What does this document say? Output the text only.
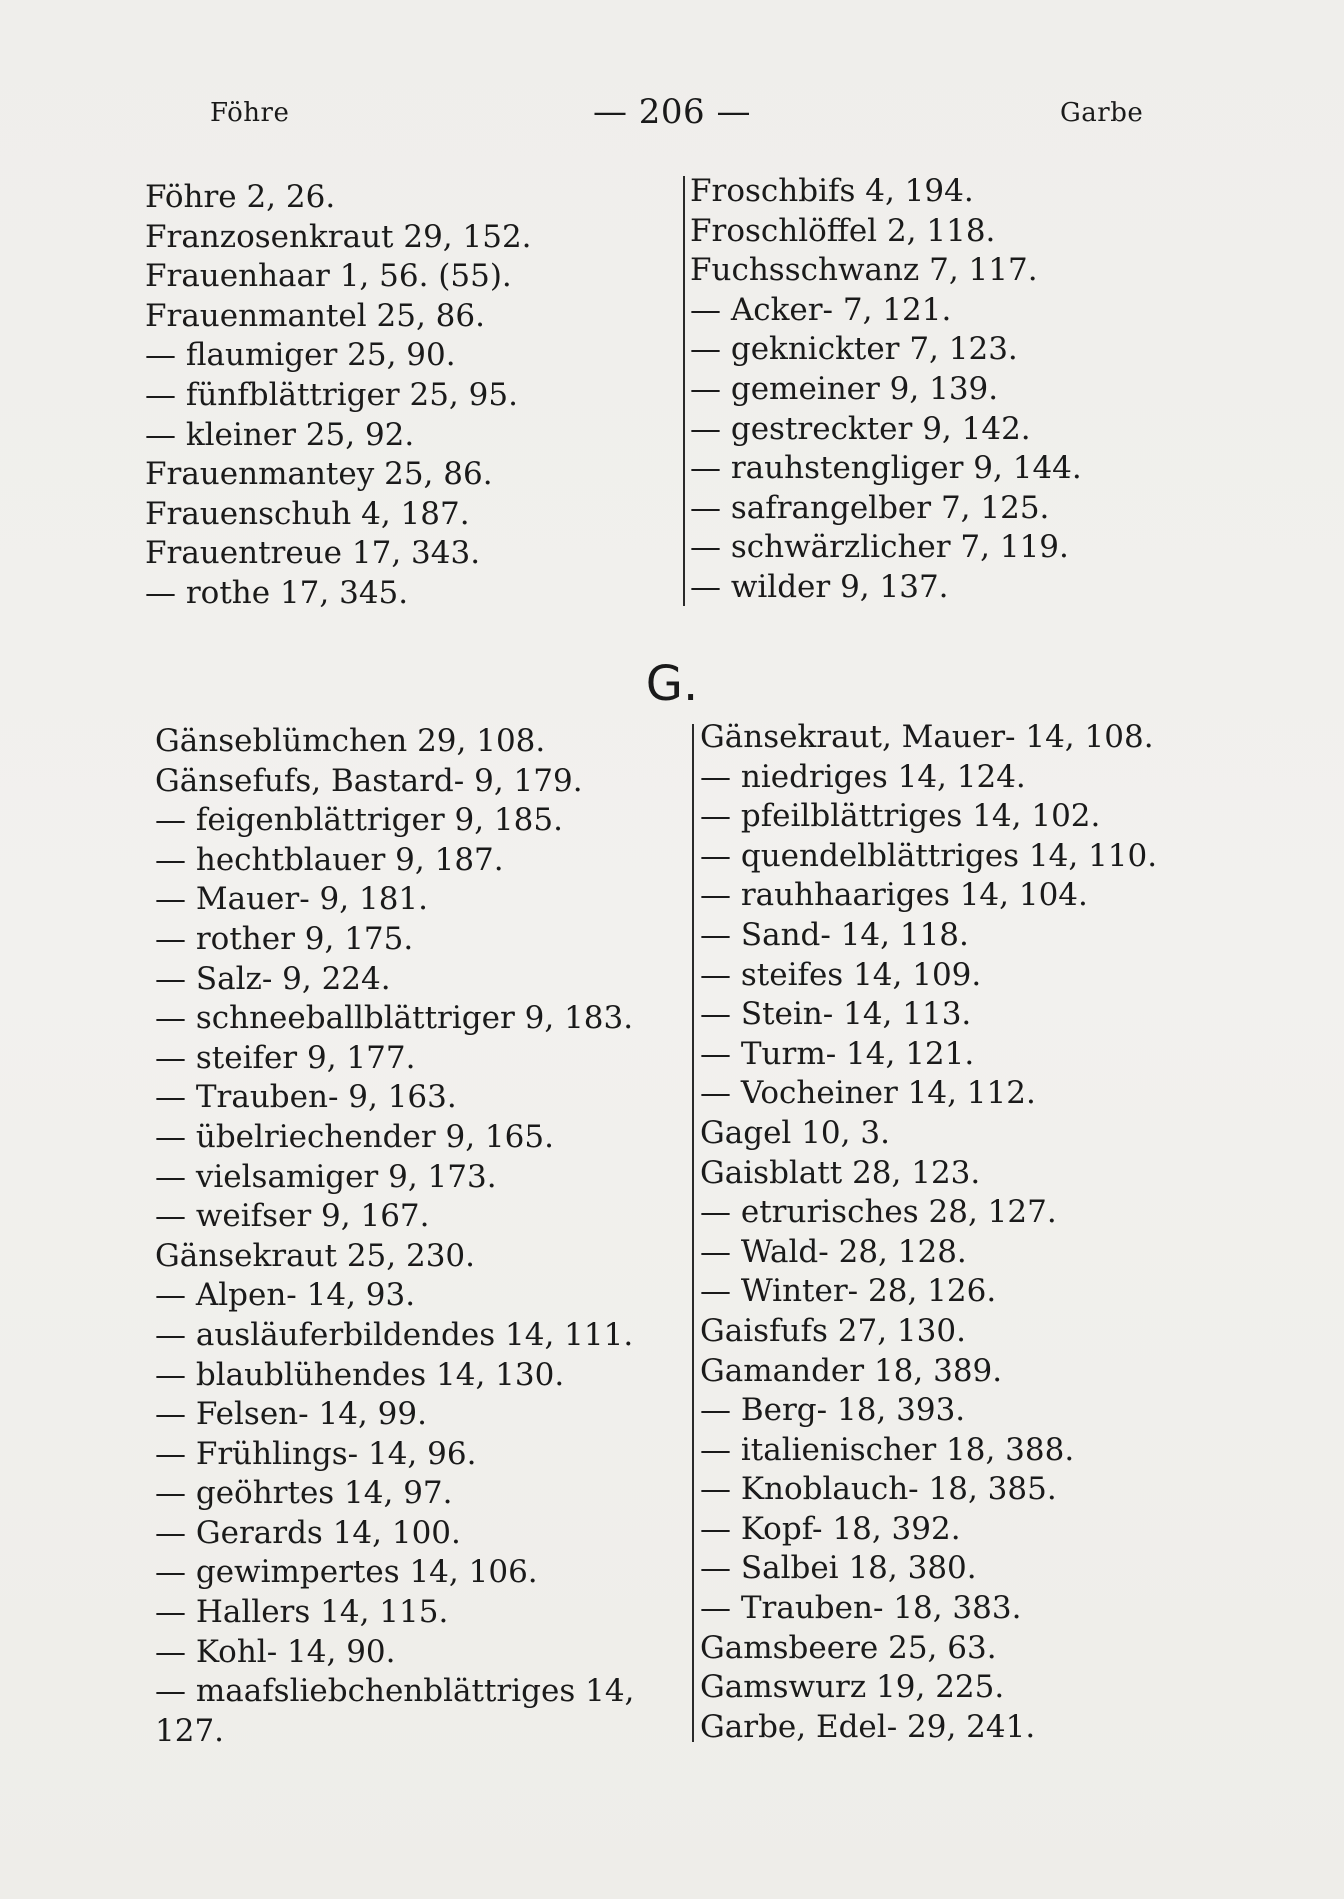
Föhre	— 206 —	Garbe
Föhre 2, 26.
Franzosenkraut 29, 152.
Frauenhaar 1, 56. (55).
Frauenmantel 25, 86.
— flaumiger 25, 90.
— fünfblättriger 25, 95.
— kleiner 25, 92.
Frauenmantey 25, 86.
Frauenschuh 4, 187.
Frauentreue 17, 343.
— rothe 17, 345.
Froschbifs 4, 194.
Froschlöffel 2, 118.
Fuchsschwanz 7, 117.
— Acker- 7, 121.
— geknickter 7, 123.
— gemeiner 9, 139.
— gestreckter 9, 142.
— rauhstengliger 9, 144.
— safrangelber 7, 125.
— schwärzlicher 7, 119.
— wilder 9, 137.
G.
Gänseblümchen 29, 108.
Gänsefufs, Bastard- 9, 179.
— feigenblättriger 9, 185.
— hechtblauer 9, 187.
— Mauer- 9, 181.
— rother 9, 175.
— Salz- 9, 224.
— schneeballblättriger 9, 183.
— steifer 9, 177.
— Trauben- 9, 163.
— übelriechender 9, 165.
— vielsamiger 9, 173.
— weifser 9, 167.
Gänsekraut 25, 230.
— Alpen- 14, 93.
— ausläuferbildendes 14, 111.
— blaublühendes 14, 130.
— Felsen- 14, 99.
— Frühlings- 14, 96.
— geöhrtes 14, 97.
— Gerards 14, 100.
— gewimpertes 14, 106.
— Hallers 14, 115.
— Kohl- 14, 90.
— maafsliebchenblättriges 14,
127.
Gänsekraut, Mauer- 14, 108.
— niedriges 14, 124.
— pfeilblättriges 14, 102.
— quendelblättriges 14, 110.
— rauhhaariges 14, 104.
— Sand- 14, 118.
— steifes 14, 109.
— Stein- 14, 113.
— Turm- 14, 121.
— Vocheiner 14, 112.
Gagel 10, 3.
Gaisblatt 28, 123.
— etrurisches 28, 127.
— Wald- 28, 128.
— Winter- 28, 126.
Gaisfufs 27, 130.
Gamander 18, 389.
— Berg- 18, 393.
— italienischer 18, 388.
— Knoblauch- 18, 385.
— Kopf- 18, 392.
— Salbei 18, 380.
— Trauben- 18, 383.
Gamsbeere 25, 63.
Gamswurz 19, 225.
Garbe, Edel- 29, 241.
